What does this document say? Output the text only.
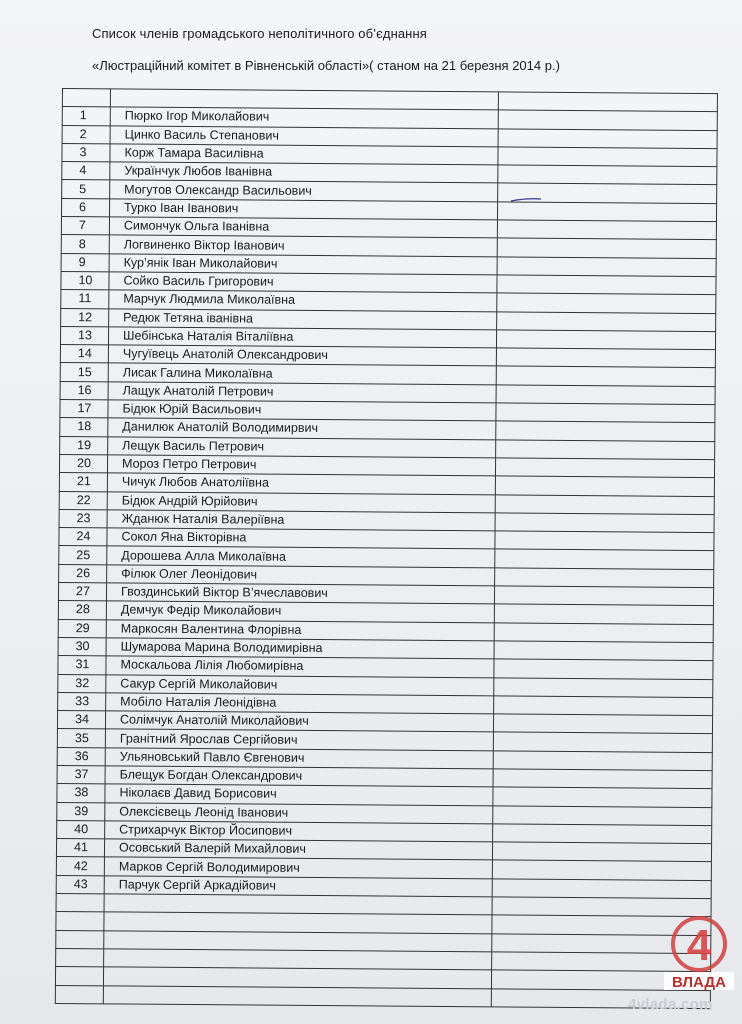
Список членів громадського неполітичного об’єднання
«Люстраційний комітет в Рівненській області»( станом на 21 березня 2014 р.)

1	Пюрко Ігор Миколайович	
2	Цинко Василь Степанович	
3	Корж Тамара Василівна	
4	Українчук Любов Іванівна	
5	Могутов Олександр Васильович	
6	Турко Іван Іванович	
7	Симончук Ольга Іванівна	
8	Логвиненко Віктор Іванович	
9	Кур’янік Іван Миколайович	
10	Сойко Василь Григорович	
11	Марчук Людмила Миколаївна	
12	Редюк Тетяна іванівна	
13	Шебінська Наталія Віталіївна	
14	Чугуївець Анатолій Олександрович	
15	Лисак Галина Миколаївна	
16	Лащук Анатолій Петрович	
17	Бідюк Юрій Васильович	
18	Данилюк Анатолій Володимирвич	
19	Лещук Василь Петрович	
20	Мороз Петро Петрович	
21	Чичук Любов Анатоліївна	
22	Бідюк Андрій Юрійович	
23	Жданюк Наталія Валеріївна	
24	Сокол Яна Вікторівна	
25	Дорошева Алла Миколаївна	
26	Філюк Олег Леонідович	
27	Гвоздинський Віктор В’ячеславович	
28	Демчук Федір Миколайович	
29	Маркосян Валентина Флорівна	
30	Шумарова Марина Володимирівна	
31	Москальова Лілія Любомирівна	
32	Сакур Сергій Миколайович	
33	Мобіло Наталія Леонідівна	
34	Солімчук Анатолій Миколайович	
35	Гранітний Ярослав Сергійович	
36	Ульяновський Павло Євгенович	
37	Блещук Богдан Олександрович	
38	Ніколаєв Давид Борисович	
39	Олексієвець Леонід Іванович	
40	Стрихарчук Віктор Йосипович	
41	Осовський Валерій Михайлович	
42	Марков Сергій Володимирович	
43	Парчук Сергій Аркадійович	

4
ВЛАДА
4vlada.com
